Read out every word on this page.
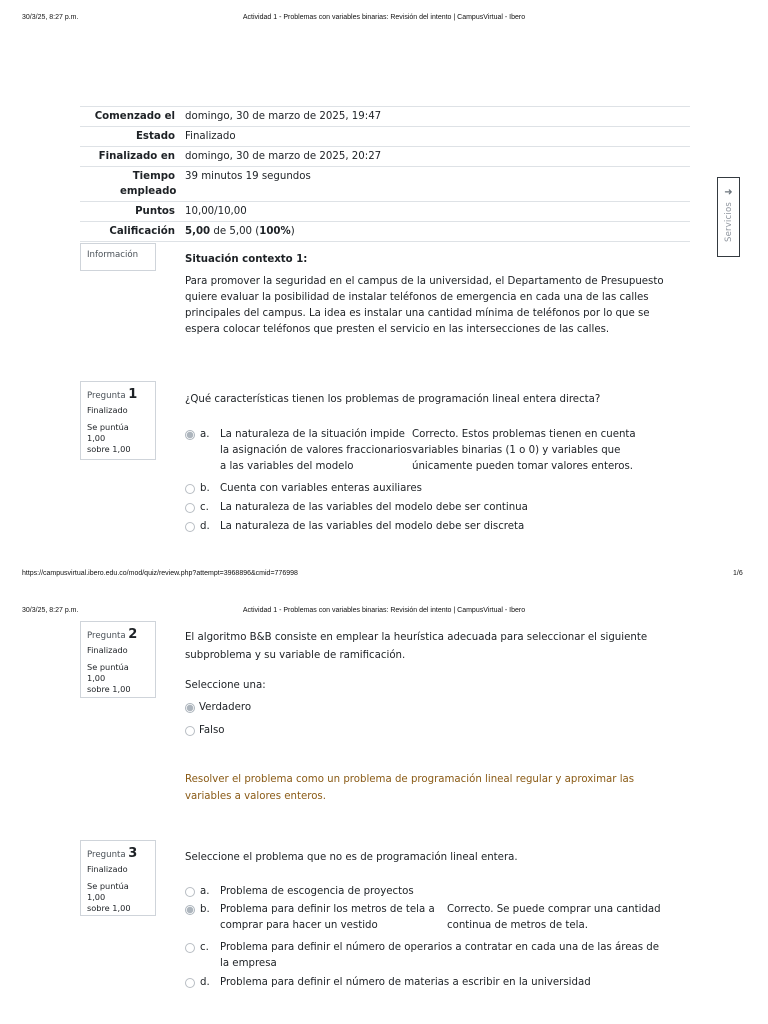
30/3/25, 8:27 p.m.	Actividad 1 - Problemas con variables binarias: Revisión del intento | CampusVirtual - Ibero
Comenzado el domingo, 30 de marzo de 2025, 19:47
Estado Finalizado
Finalizado en domingo, 30 de marzo de 2025, 20:27
Tiempo empleado
39 minutos 19 segundos
Puntos 10,00/10,00
Calificación 5,00 de 5,00 (100%)
➜
Servicios
Información	Situación contexto 1:
Para promover la seguridad en el campus de la universidad, el Departamento de Presupuesto quiere evaluar la posibilidad de instalar teléfonos de emergencia en cada una de las calles principales del campus. La idea es instalar una cantidad mínima de teléfonos por lo que se espera colocar teléfonos que presten el servicio en las intersecciones de las calles.
Pregunta 1
Finalizado
Se puntúa 1,00
sobre 1,00
¿Qué características tienen los problemas de programación lineal entera directa?
a.	La naturaleza de la situación impide la asignación de valores fraccionarios a las variables del modelo
Correcto. Estos problemas tienen en cuenta variables binarias (1 o 0) y variables que únicamente pueden tomar valores enteros.
b.	Cuenta con variables enteras auxiliares
c.	La naturaleza de las variables del modelo debe ser continua
d.	La naturaleza de las variables del modelo debe ser discreta
https://campusvirtual.ibero.edu.co/mod/quiz/review.php?attempt=3968896&cmid=776998	1/6
30/3/25, 8:27 p.m.	Actividad 1 - Problemas con variables binarias: Revisión del intento | CampusVirtual - Ibero
Pregunta 2
Finalizado
Se puntúa 1,00
sobre 1,00
El algoritmo B&B consiste en emplear la heurística adecuada para seleccionar el siguiente subproblema y su variable de ramificación.
Seleccione una:
Verdadero
Falso
Resolver el problema como un problema de programación lineal regular y aproximar las variables a valores enteros.
Pregunta 3
Finalizado
Se puntúa 1,00
sobre 1,00
Seleccione el problema que no es de programación lineal entera.
a.	Problema de escogencia de proyectos
b.	Problema para definir los metros de tela a comprar para hacer un vestido
Correcto. Se puede comprar una cantidad continua de metros de tela.
c.	Problema para definir el número de operarios a contratar en cada una de las áreas de la empresa
d.	Problema para definir el número de materias a escribir en la universidad
